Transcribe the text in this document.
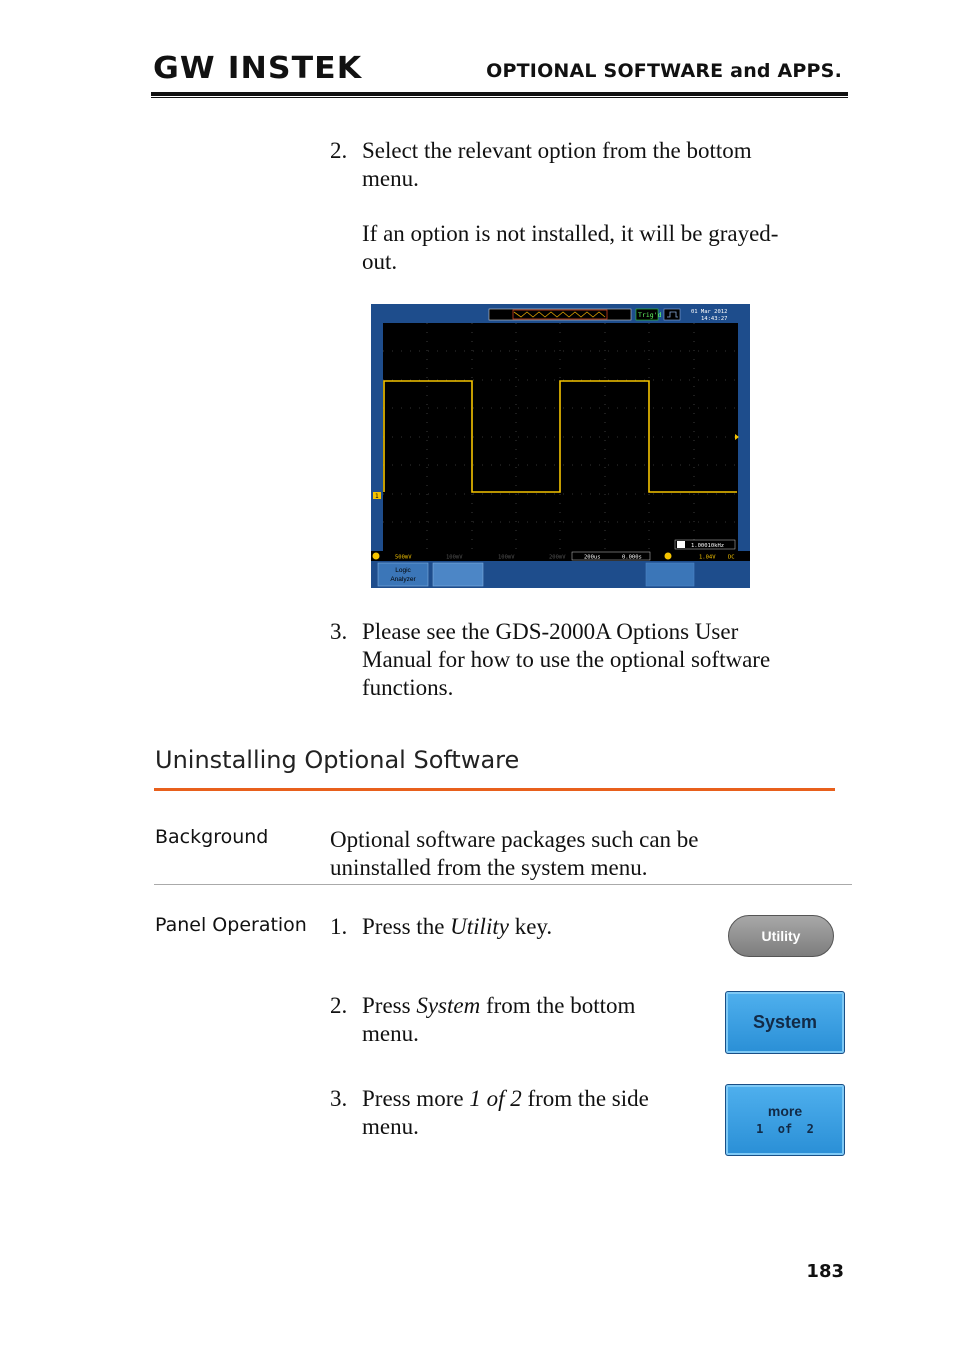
GW INSTEK	OPTIONAL SOFTWARE and APPS.
2. Select the relevant option from the bottom
menu.
If an option is not installed, it will be grayed-
out.
Trig'd	01 Mar 2012
14:43:27
1
1.00010kHz
500mV	100mV	100mV	200mV	200us	0.000s	1.04V DC
Logic
Analyzer
3. Please see the GDS-2000A Options User
Manual for how to use the optional software
functions.
Uninstalling Optional Software
Background	Optional software packages such can be
uninstalled from the system menu.
Panel Operation 1. Press the Utility key.
2. Press System from the bottom
menu.
3. Press more 1 of 2 from the side
menu.
Utility
System
more
1  of  2
183
